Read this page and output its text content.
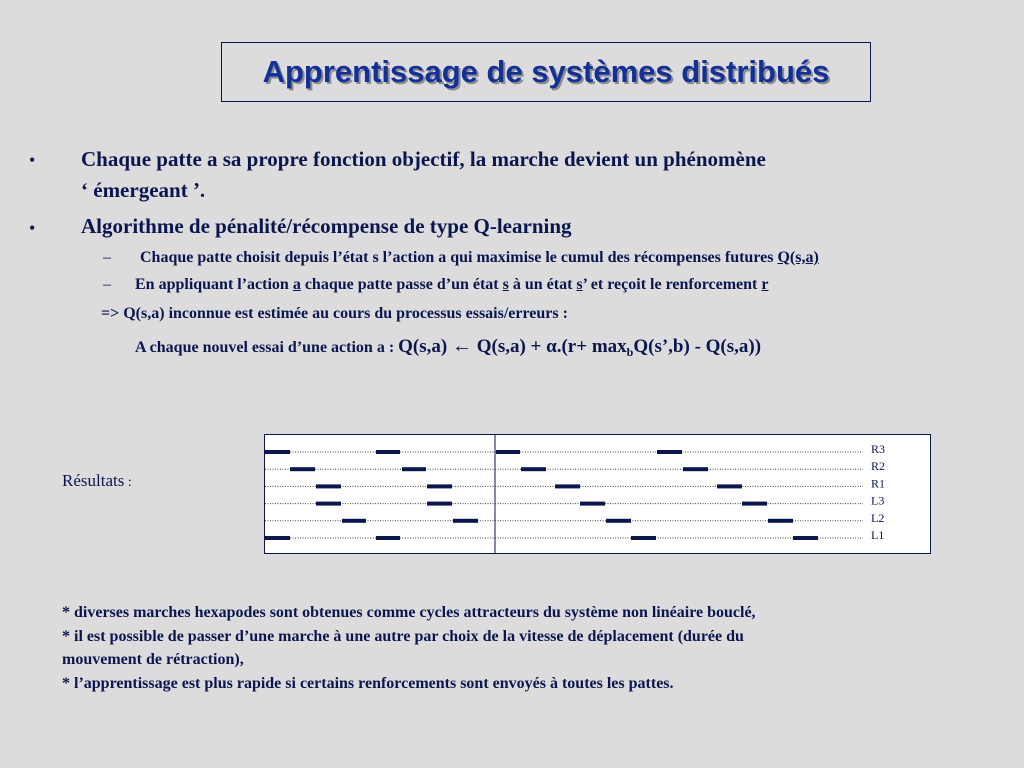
Apprentissage de systèmes distribués
• Chaque patte a sa propre fonction objectif, la marche devient un phénomène
‘ émergeant ’.
• Algorithme de pénalité/récompense de type Q-learning
– Chaque patte choisit depuis l’état s l’action a qui maximise le cumul des récompenses futures Q(s,a)
– En appliquant l’action a chaque patte passe d’un état s à un état s’ et reçoit le renforcement r
=> Q(s,a) inconnue est estimée au cours du processus essais/erreurs :
A chaque nouvel essai d’une action a : Q(s,a) ← $Q(s,a) + \alpha.(r+ \max_bQ(s’,b) - Q(s,a))$
Résultats :
R3
R2
R1
L3
L2
L1
* diverses marches hexapodes sont obtenues comme cycles attracteurs du système non linéaire bouclé,
* il est possible de passer d’une marche à une autre par choix de la vitesse de déplacement (durée du
mouvement de rétraction),
* l’apprentissage est plus rapide si certains renforcements sont envoyés à toutes les pattes.
